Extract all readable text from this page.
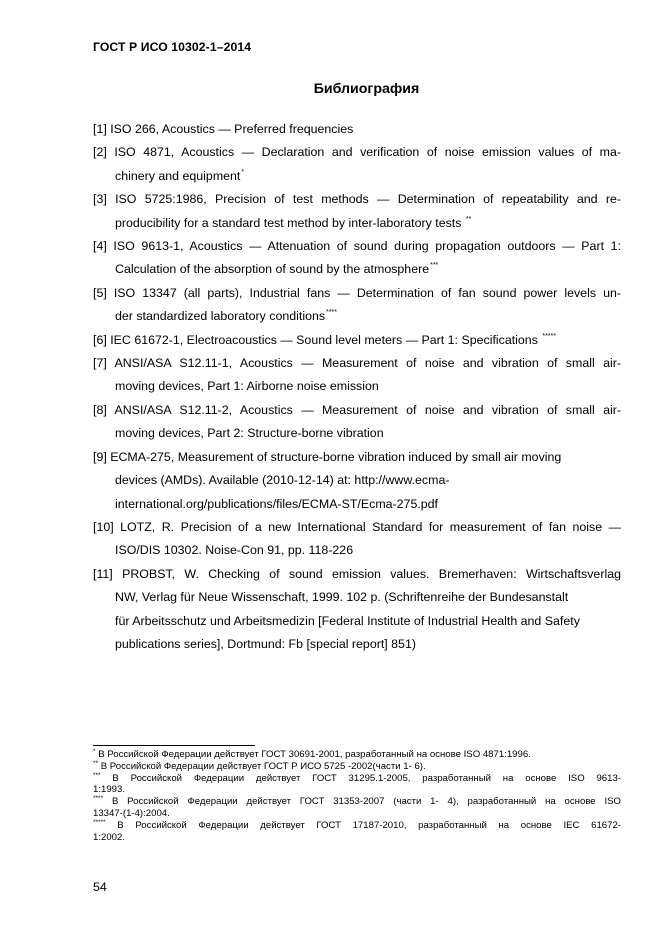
ГОСТ Р ИСО 10302-1–2014
Библиография
[1] ISO 266, Acoustics — Preferred frequencies
[2] ISO 4871, Acoustics — Declaration and verification of noise emission values of ma-
chinery and equipment*
[3] ISO 5725:1986, Precision of test methods — Determination of repeatability and re-
producibility for a standard test method by inter-laboratory tests **
[4] ISO 9613-1, Acoustics — Attenuation of sound during propagation outdoors — Part 1:
Calculation of the absorption of sound by the atmosphere***
[5] ISO 13347 (all parts), Industrial fans — Determination of fan sound power levels un-
der standardized laboratory conditions****
[6] IEC 61672-1, Electroacoustics — Sound level meters — Part 1: Specifications *****
[7] ANSI/ASA S12.11-1, Acoustics — Measurement of noise and vibration of small air-
moving devices, Part 1: Airborne noise emission
[8] ANSI/ASA S12.11-2, Acoustics — Measurement of noise and vibration of small air-
moving devices, Part 2: Structure-borne vibration
[9] ECMA-275, Measurement of structure-borne vibration induced by small air moving
devices (AMDs). Available (2010-12-14) at: http://www.ecma-
international.org/publications/files/ECMA-ST/Ecma-275.pdf
[10] LOTZ, R. Precision of a new International Standard for measurement of fan noise —
ISO/DIS 10302. Noise-Con 91, pp. 118-226
[11] PROBST, W. Checking of sound emission values. Bremerhaven: Wirtschaftsverlag
NW, Verlag für Neue Wissenschaft, 1999. 102 p. (Schriftenreihe der Bundesanstalt
für Arbeitsschutz und Arbeitsmedizin [Federal Institute of Industrial Health and Safety
publications series], Dortmund: Fb [special report] 851)
* В Российской Федерации действует ГОСТ 30691-2001, разработанный на основе ISO 4871:1996.
** В Российской Федерации действует ГОСТ Р ИСО 5725 -2002(части 1- 6).
*** В Российской Федерации действует ГОСТ 31295.1-2005, разработанный на основе ISO 9613-
1:1993.
**** В Российской Федерации действует ГОСТ 31353-2007 (части 1- 4), разработанный на основе ISO
13347-(1-4):2004.
***** В Российской Федерации действует ГОСТ 17187-2010, разработанный на основе IEC 61672-
1:2002.
54
